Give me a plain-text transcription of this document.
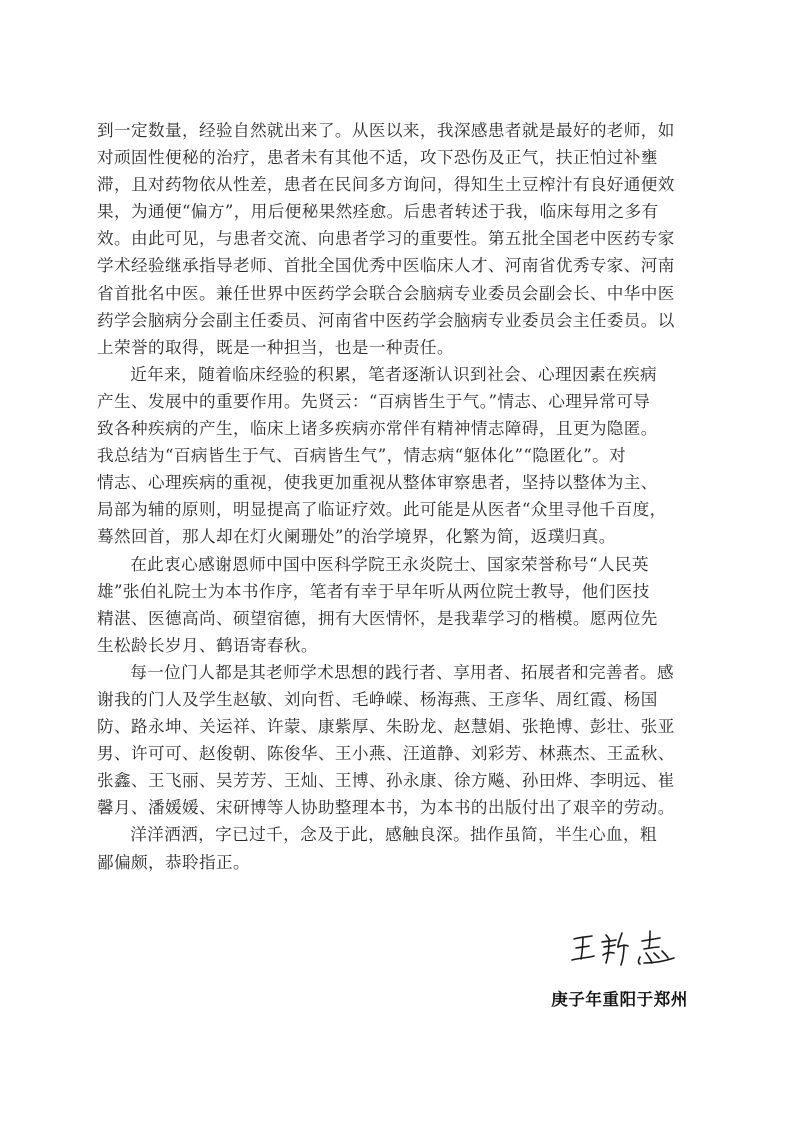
到一定数量，经验自然就出来了。从医以来，我深感患者就是最好的老师，如
对顽固性便秘的治疗，患者未有其他不适，攻下恐伤及正气，扶正怕过补壅
滞，且对药物依从性差，患者在民间多方询问，得知生土豆榨汁有良好通便效
果，为通便“偏方”，用后便秘果然痊愈。后患者转述于我，临床每用之多有
效。由此可见，与患者交流、向患者学习的重要性。第五批全国老中医药专家
学术经验继承指导老师、首批全国优秀中医临床人才、河南省优秀专家、河南
省首批名中医。兼任世界中医药学会联合会脑病专业委员会副会长、中华中医
药学会脑病分会副主任委员、河南省中医药学会脑病专业委员会主任委员。以
上荣誉的取得，既是一种担当，也是一种责任。

近年来，随着临床经验的积累，笔者逐渐认识到社会、心理因素在疾病
产生、发展中的重要作用。先贤云：“百病皆生于气。”情志、心理异常可导
致各种疾病的产生，临床上诸多疾病亦常伴有精神情志障碍，且更为隐匿。
我总结为“百病皆生于气、百病皆生气”，情志病“躯体化”“隐匿化”。对
情志、心理疾病的重视，使我更加重视从整体审察患者，坚持以整体为主、
局部为辅的原则，明显提高了临证疗效。此可能是从医者“众里寻他千百度，
蓦然回首，那人却在灯火阑珊处”的治学境界，化繁为简，返璞归真。

在此衷心感谢恩师中国中医科学院王永炎院士、国家荣誉称号“人民英
雄”张伯礼院士为本书作序，笔者有幸于早年听从两位院士教导，他们医技
精湛、医德高尚、硕望宿德，拥有大医情怀，是我辈学习的楷模。愿两位先
生松龄长岁月、鹤语寄春秋。

每一位门人都是其老师学术思想的践行者、享用者、拓展者和完善者。感
谢我的门人及学生赵敏、刘向哲、毛峥嵘、杨海燕、王彦华、周红霞、杨国
防、路永坤、关运祥、许蒙、康紫厚、朱盼龙、赵慧娟、张艳博、彭壮、张亚
男、许可可、赵俊朝、陈俊华、王小燕、汪道静、刘彩芳、林燕杰、王孟秋、
张鑫、王飞丽、吴芳芳、王灿、王博、孙永康、徐方飚、孙田烨、李明远、崔
馨月、潘媛媛、宋研博等人协助整理本书，为本书的出版付出了艰辛的劳动。

洋洋洒洒，字已过千，念及于此，感触良深。拙作虽简，半生心血，粗
鄙偏颇，恭聆指正。

庚子年重阳于郑州
